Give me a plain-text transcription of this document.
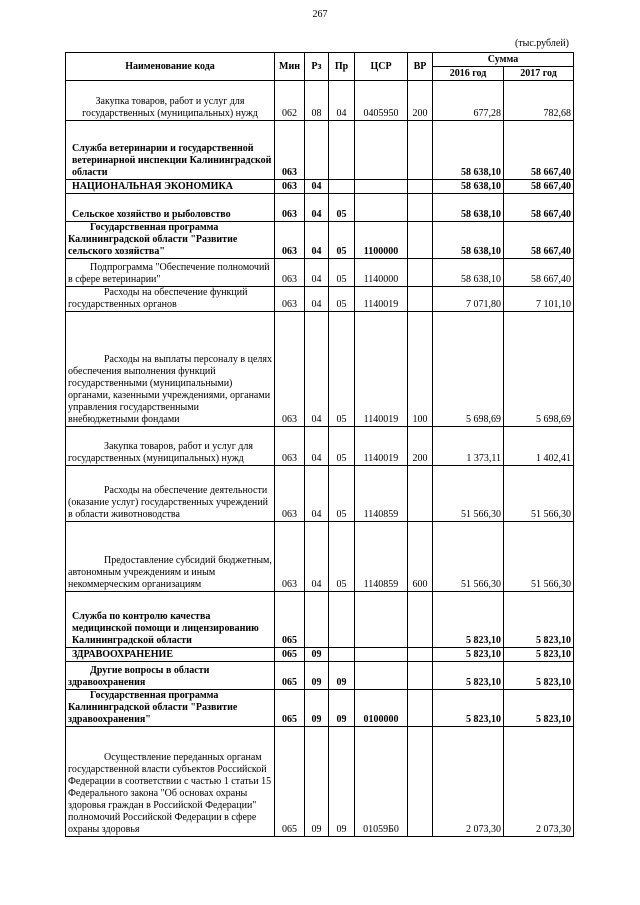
267
(тыс.рублей)
Наименование кода	Мин	Рз	Пр	ЦСР	ВР	Сумма	
						2016 год	2017 год
Закупка товаров, работ и услуг для государственных (муниципальных) нужд	062	08	04	0405950	200	677,28	782,68
Служба ветеринарии и государственной ветеринарной инспекции Калининградской области	063					58 638,10	58 667,40
НАЦИОНАЛЬНАЯ ЭКОНОМИКА	063	04				58 638,10	58 667,40
Сельское хозяйство и рыболовство	063	04	05			58 638,10	58 667,40
Государственная программа Калининградской области "Развитие сельского хозяйства"	063	04	05	1100000		58 638,10	58 667,40
Подпрограмма "Обеспечение полномочий в сфере ветеринарии"	063	04	05	1140000		58 638,10	58 667,40
Расходы на обеспечение функций государственных органов	063	04	05	1140019		7 071,80	7 101,10
Расходы на выплаты персоналу в целях обеспечения выполнения функций государственными (муниципальными) органами, казенными учреждениями, органами управления государственными внебюджетными фондами	063	04	05	1140019	100	5 698,69	5 698,69
Закупка товаров, работ и услуг для государственных (муниципальных) нужд	063	04	05	1140019	200	1 373,11	1 402,41
Расходы на обеспечение деятельности (оказание услуг) государственных учреждений в области животноводства	063	04	05	1140859		51 566,30	51 566,30
Предоставление субсидий бюджетным, автономным учреждениям и иным некоммерческим организациям	063	04	05	1140859	600	51 566,30	51 566,30
Служба по контролю качества медицинской помощи и лицензированию Калининградской области	065					5 823,10	5 823,10
ЗДРАВООХРАНЕНИЕ	065	09				5 823,10	5 823,10
Другие вопросы в области здравоохранения	065	09	09			5 823,10	5 823,10
Государственная программа Калининградской области "Развитие здравоохранения"	065	09	09	0100000		5 823,10	5 823,10
Осуществление переданных органам государственной власти субъектов Российской Федерации в соответствии с частью 1 статьи 15 Федерального закона "Об основах охраны здоровья граждан в Российской Федерации" полномочий Российской Федерации в сфере охраны здоровья	065	09	09	01059Б0		2 073,30	2 073,30
